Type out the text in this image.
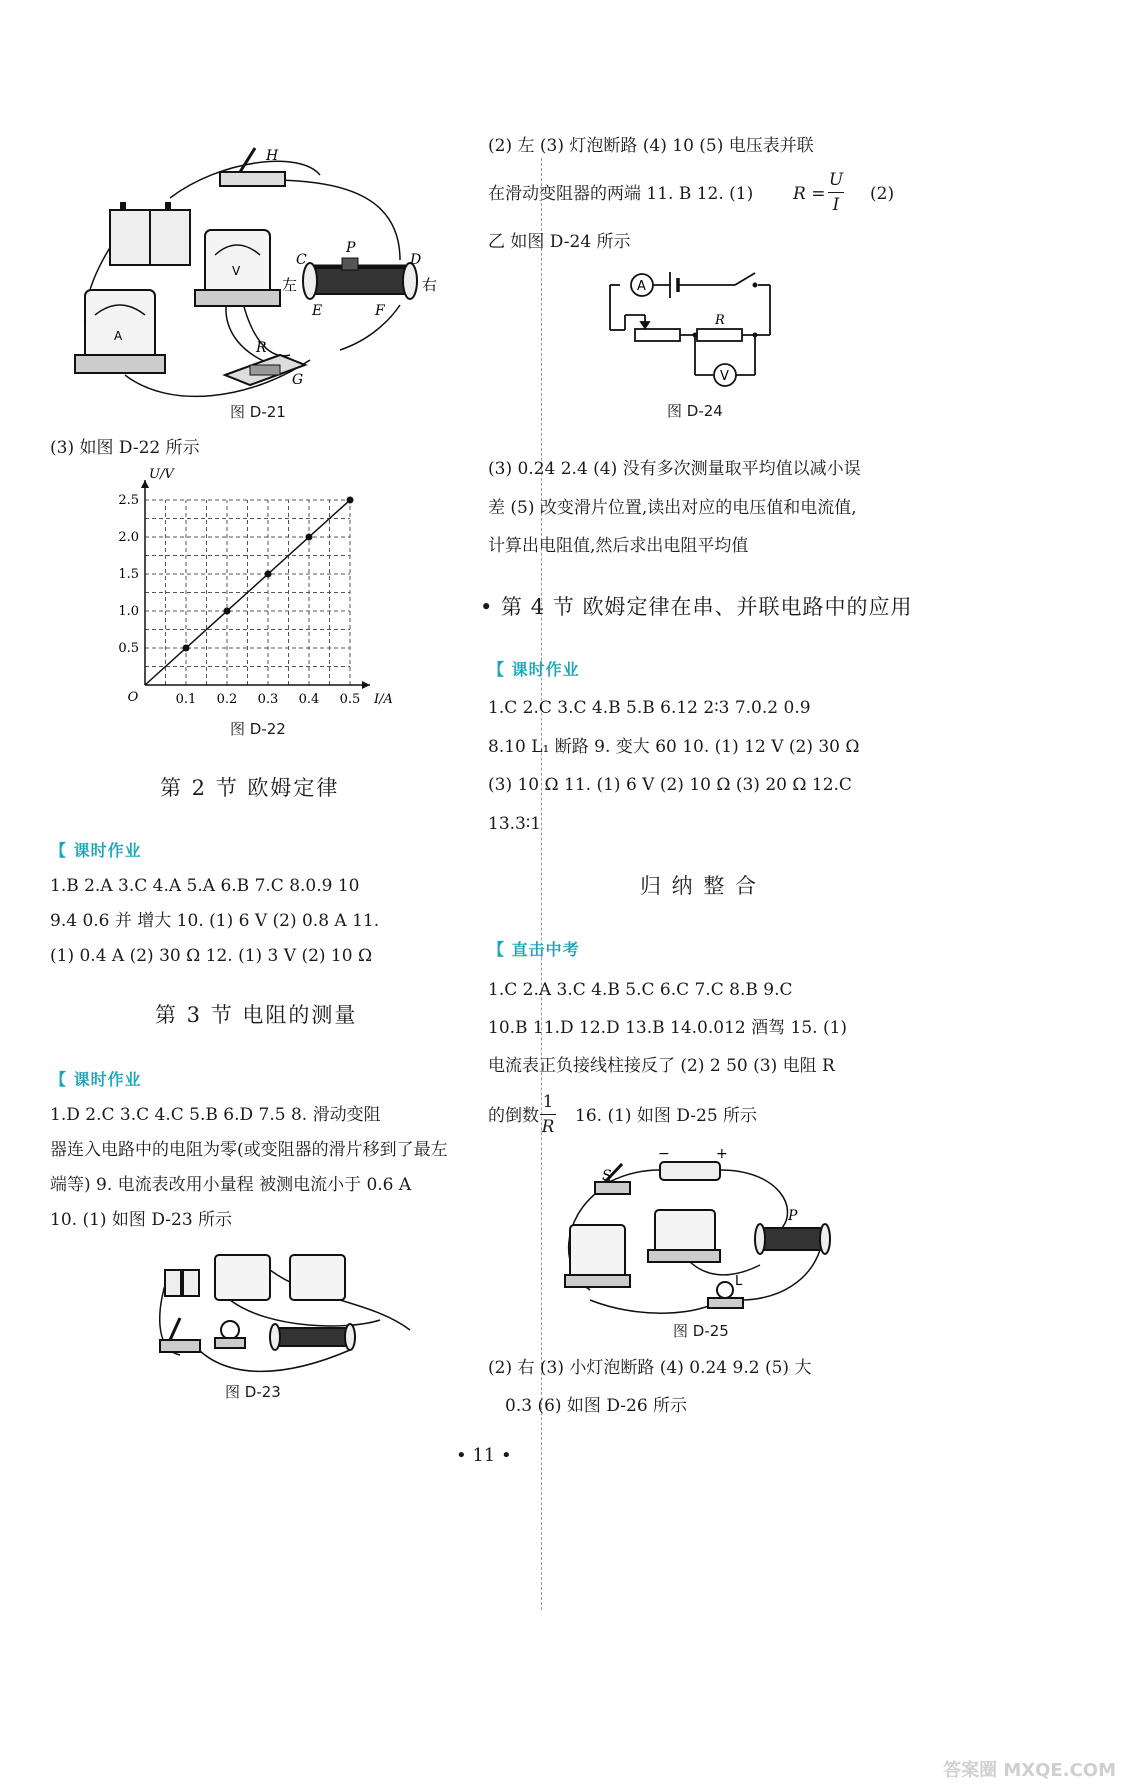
H
C
P
D
左	右
E	F
R
G
V
A
图 D-21
(3) 如图 D-22 所示
0.1 0.2 0.3 0.4 0.5
0.5
1.0
1.5
2.0
2.5
I/A
U/V
O
图 D-22
第 2 节 欧姆定律
【 课时作业
1.B 2.A 3.C 4.A 5.A 6.B 7.C 8.0.9 10
9.4 0.6 并 增大 10. (1) 6 V (2) 0.8 A 11.
(1) 0.4 A (2) 30 Ω 12. (1) 3 V (2) 10 Ω
第 3 节 电阻的测量
【 课时作业
1.D 2.C 3.C 4.C 5.B 6.D 7.5 8. 滑动变阻
器连入电路中的电阻为零(或变阻器的滑片移到了最左
端等) 9. 电流表改用小量程 被测电流小于 0.6 A
10. (1) 如图 D-23 所示
图 D-23
(2) 左 (3) 灯泡断路 (4) 10 (5) 电压表并联
在滑动变阻器的两端 11. B 12. (1) R =
U
I
(2)
乙 如图 D-24 所示
A
R
V
图 D-24
(3) 0.24 2.4 (4) 没有多次测量取平均值以减小误
差 (5) 改变滑片位置,读出对应的电压值和电流值,
计算出电阻值,然后求出电阻平均值
• 第 4 节 欧姆定律在串、并联电路中的应用
【 课时作业
1.C 2.C 3.C 4.B 5.B 6.12 2∶3 7.0.2 0.9
8.10 L₁ 断路 9. 变大 60 10. (1) 12 V (2) 30 Ω
(3) 10 Ω 11. (1) 6 V (2) 10 Ω (3) 20 Ω 12.C
13.3∶1
归 纳 整 合
【 直击中考
1.C 2.A 3.C 4.B 5.C 6.C 7.C 8.B 9.C
10.B 11.D 12.D 13.B 14.0.012 酒驾 15. (1)
电流表正负接线柱接反了 (2) 2 50 (3) 电阻 R
的倒数
1
R
16. (1) 如图 D-25 所示
S
−	+
P
L
图 D-25
(2) 右 (3) 小灯泡断路 (4) 0.24 9.2 (5) 大
0.3 (6) 如图 D-26 所示
• 11 •
答案圈 MXQE.COM
